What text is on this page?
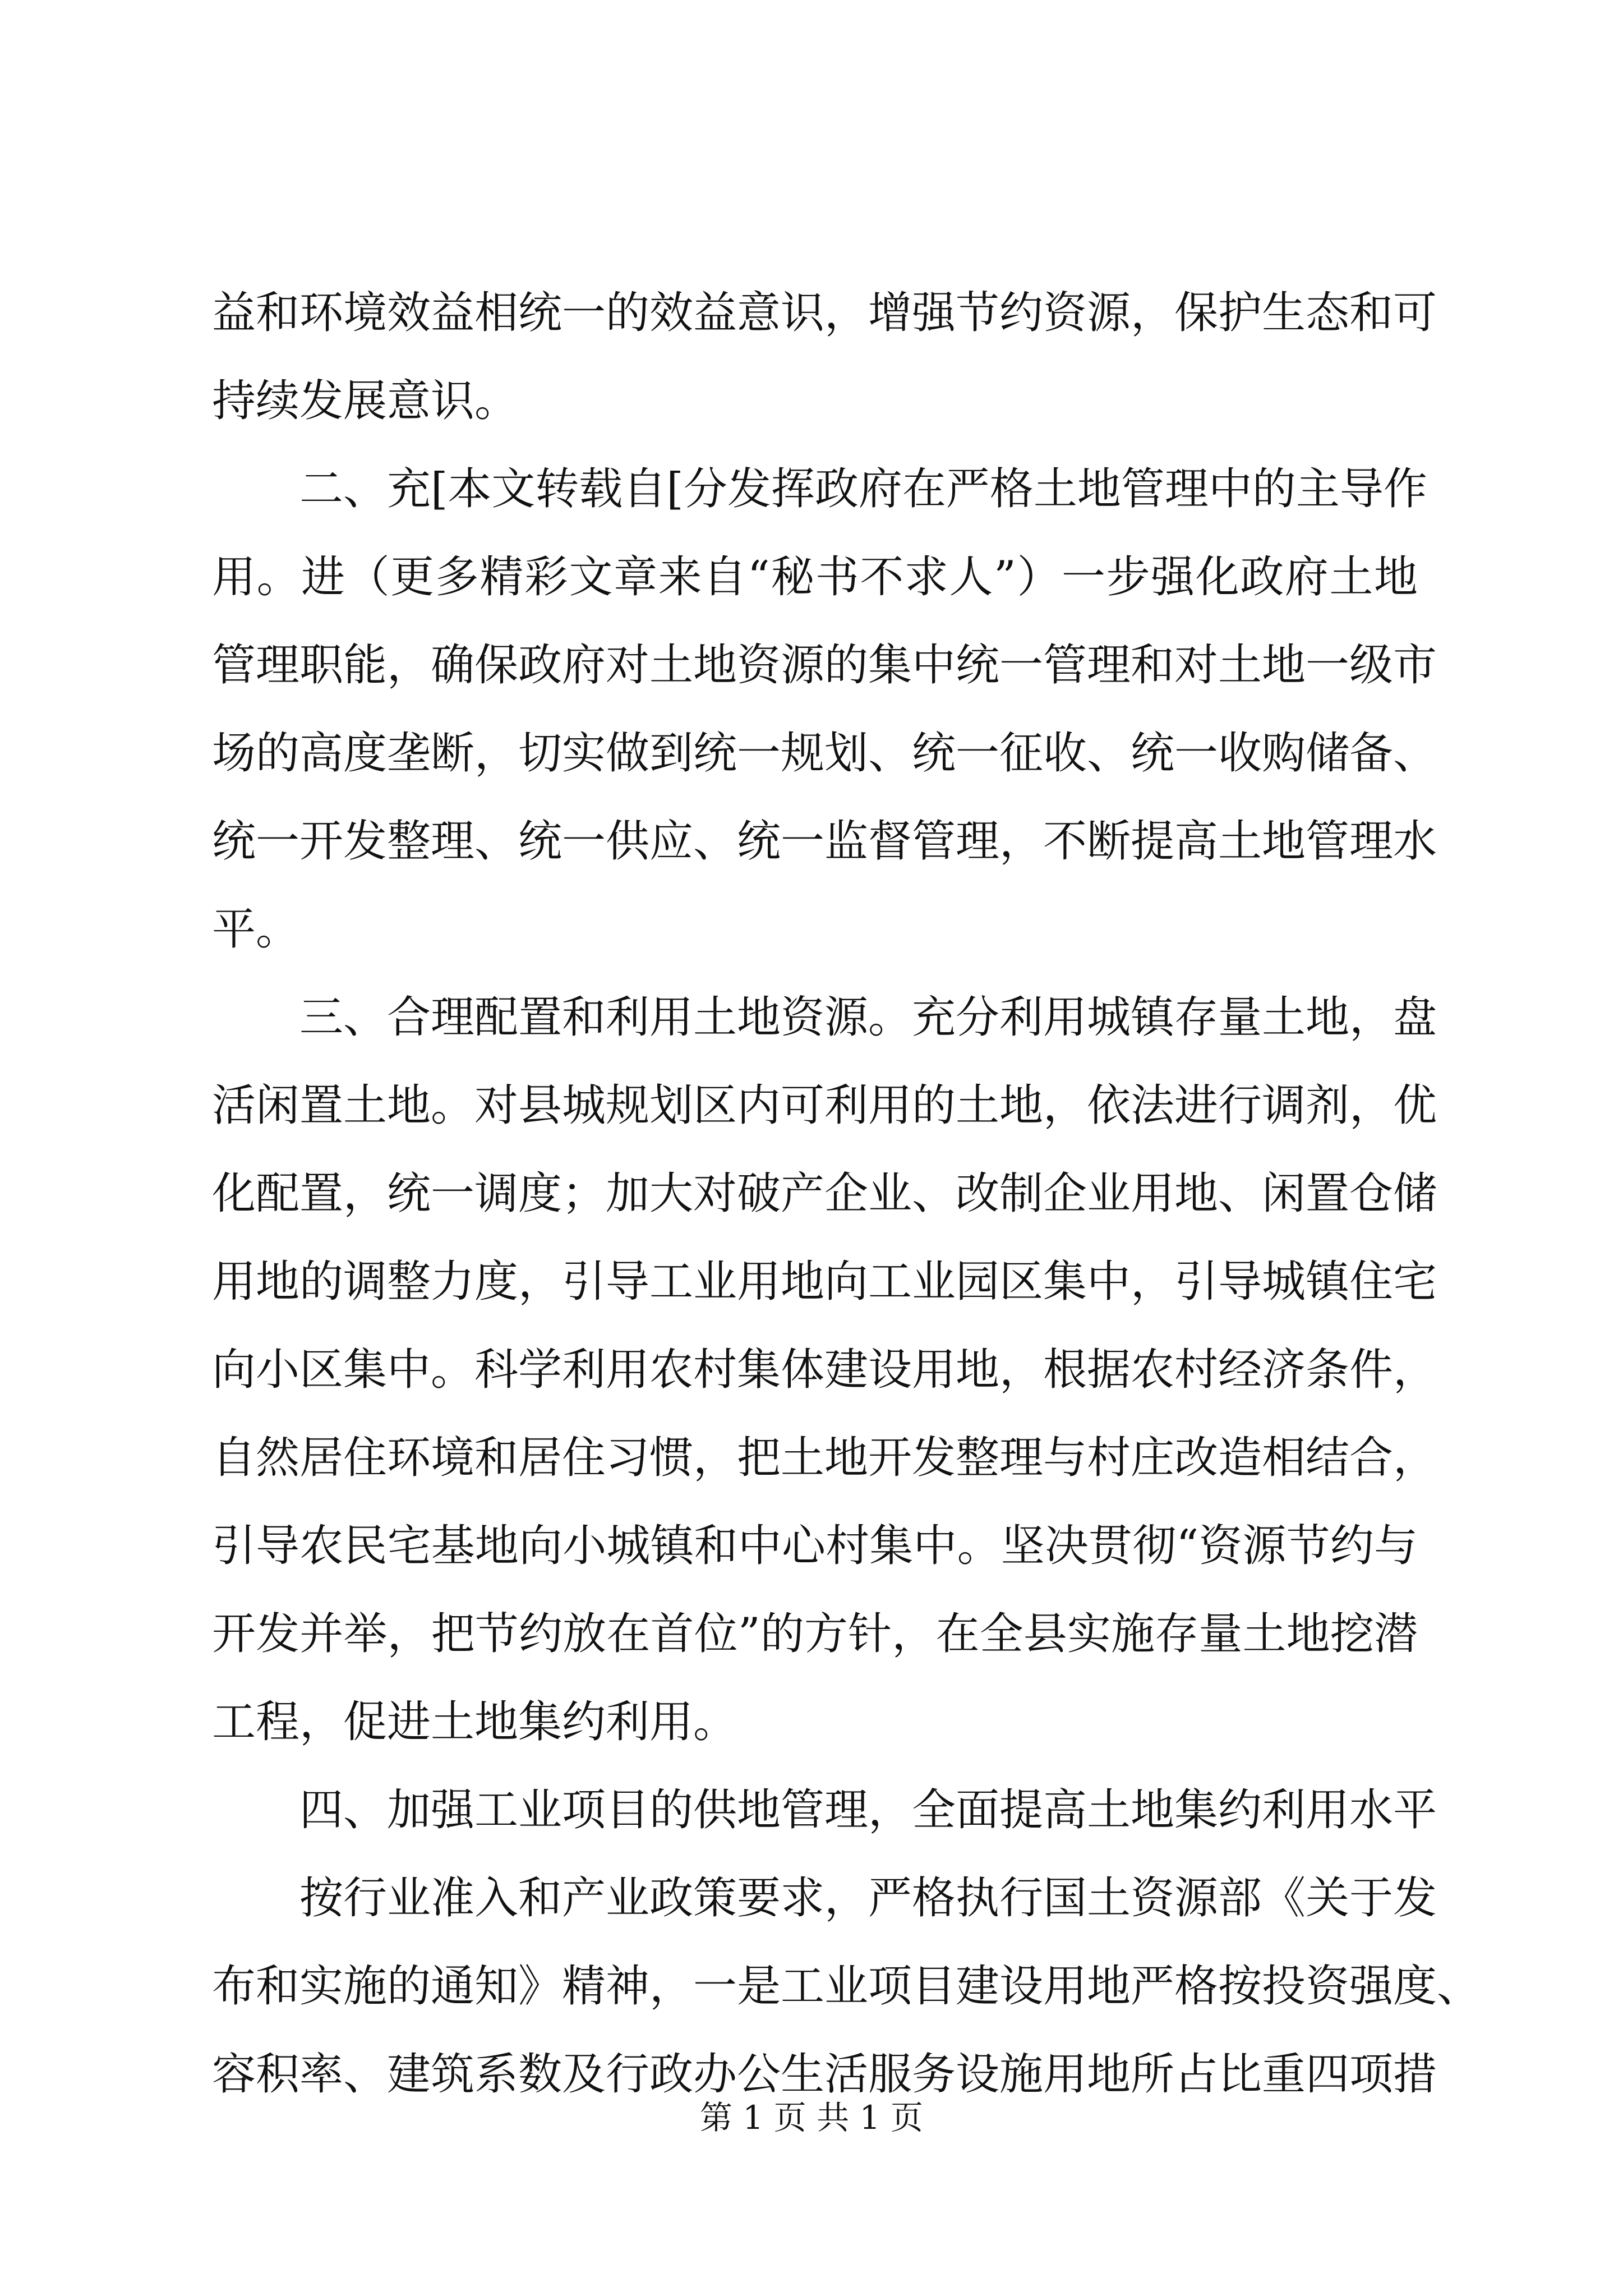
益和环境效益相统一的效益意识，增强节约资源，保护生态和可
持续发展意识。
二、充[本文转载自[分发挥政府在严格土地管理中的主导作
用。进（更多精彩文章来自“秘书不求人”）一步强化政府土地
管理职能，确保政府对土地资源的集中统一管理和对土地一级市
场的高度垄断，切实做到统一规划、统一征收、统一收购储备、
统一开发整理、统一供应、统一监督管理，不断提高土地管理水
平。
三、合理配置和利用土地资源。充分利用城镇存量土地，盘
活闲置土地。对县城规划区内可利用的土地，依法进行调剂，优
化配置，统一调度；加大对破产企业、改制企业用地、闲置仓储
用地的调整力度，引导工业用地向工业园区集中，引导城镇住宅
向小区集中。科学利用农村集体建设用地，根据农村经济条件，
自然居住环境和居住习惯，把土地开发整理与村庄改造相结合，
引导农民宅基地向小城镇和中心村集中。坚决贯彻“资源节约与
开发并举，把节约放在首位”的方针，在全县实施存量土地挖潜
工程，促进土地集约利用。
四、加强工业项目的供地管理，全面提高土地集约利用水平
按行业准入和产业政策要求，严格执行国土资源部《关于发
布和实施的通知》精神，一是工业项目建设用地严格按投资强度、
容积率、建筑系数及行政办公生活服务设施用地所占比重四项措
第 1 页 共 1 页
